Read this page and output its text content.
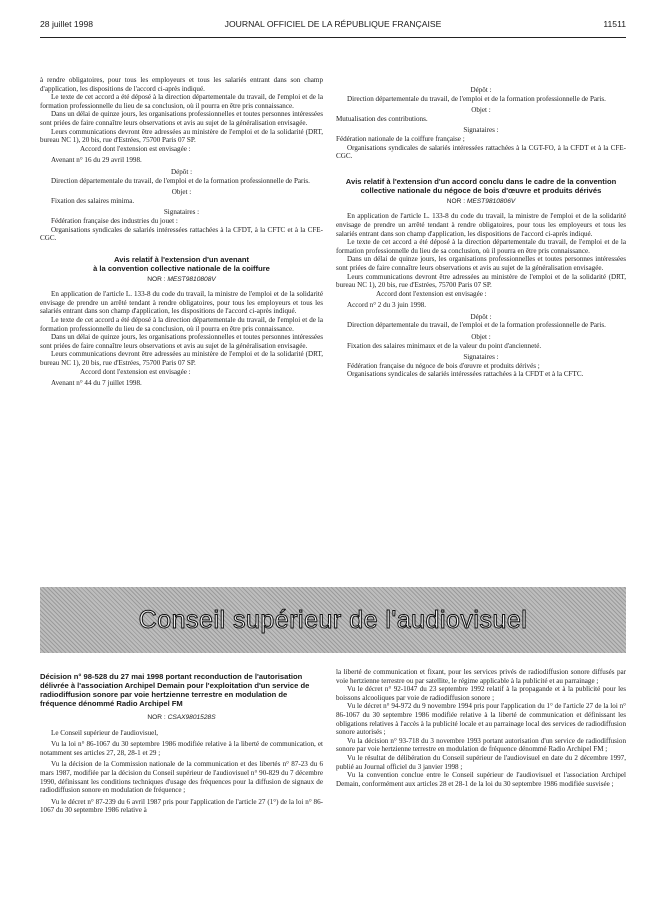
28 juillet 1998	JOURNAL OFFICIEL DE LA RÉPUBLIQUE FRANÇAISE	11511

à rendre obligatoires, pour tous les employeurs et tous les salariés entrant dans son champ d'application, les dispositions de l'accord ci-après indiqué.

Le texte de cet accord a été déposé à la direction départementale du travail, de l'emploi et de la formation professionnelle du lieu de sa conclusion, où il pourra en être pris connaissance.

Dans un délai de quinze jours, les organisations professionnelles et toutes personnes intéressées sont priées de faire connaître leurs observations et avis au sujet de la généralisation envisagée.

Leurs communications devront être adressées au ministère de l'emploi et de la solidarité (DRT, bureau NC 1), 20 bis, rue d'Estrées, 75700 Paris 07 SP.

Accord dont l'extension est envisagée :

Avenant n° 16 du 29 avril 1998.

Dépôt :

Direction départementale du travail, de l'emploi et de la formation professionnelle de Paris.

Objet :

Fixation des salaires minima.

Signataires :

Fédération française des industries du jouet :

Organisations syndicales de salariés intéressées rattachées à la CFDT, à la CFTC et à la CFE-CGC.

Avis relatif à l'extension d'un avenant
à la convention collective nationale de la coiffure

NOR : MEST9810808V

En application de l'article L. 133-8 du code du travail, la ministre de l'emploi et de la solidarité envisage de prendre un arrêté tendant à rendre obligatoires, pour tous les employeurs et tous les salariés entrant dans son champ d'application, les dispositions de l'accord ci-après indiqué.

Le texte de cet accord a été déposé à la direction départementale du travail, de l'emploi et de la formation professionnelle du lieu de sa conclusion, où il pourra en être pris connaissance.

Dans un délai de quinze jours, les organisations professionnelles et toutes personnes intéressées sont priées de faire connaître leurs observations et avis au sujet de la généralisation envisagée.

Leurs communications devront être adressées au ministère de l'emploi et de la solidarité (DRT, bureau NC 1), 20 bis, rue d'Estrées, 75700 Paris 07 SP.

Accord dont l'extension est envisagée :

Avenant n° 44 du 7 juillet 1998.

Dépôt :

Direction départementale du travail, de l'emploi et de la formation professionnelle de Paris.

Objet :

Mutualisation des contributions.

Signataires :

Fédération nationale de la coiffure française ;

Organisations syndicales de salariés intéressées rattachées à la CGT-FO, à la CFDT et à la CFE-CGC.

Avis relatif à l'extension d'un accord conclu dans le cadre de la convention collective nationale du négoce de bois d'œuvre et produits dérivés

NOR : MEST9810806V

En application de l'article L. 133-8 du code du travail, la ministre de l'emploi et de la solidarité envisage de prendre un arrêté tendant à rendre obligatoires, pour tous les employeurs et tous les salariés entrant dans son champ d'application, les dispositions de l'accord ci-après indiqué.

Le texte de cet accord a été déposé à la direction départementale du travail, de l'emploi et de la formation professionnelle du lieu de sa conclusion, où il pourra en être pris connaissance.

Dans un délai de quinze jours, les organisations professionnelles et toutes personnes intéressées sont priées de faire connaître leurs observations et avis au sujet de la généralisation envisagée.

Leurs communications devront être adressées au ministère de l'emploi et de la solidarité (DRT, bureau NC 1), 20 bis, rue d'Estrées, 75700 Paris 07 SP.

Accord dont l'extension est envisagée :

Accord n° 2 du 3 juin 1998.

Dépôt :

Direction départementale du travail, de l'emploi et de la formation professionnelle de Paris.

Objet :

Fixation des salaires minimaux et de la valeur du point d'ancienneté.

Signataires :

Fédération française du négoce de bois d'œuvre et produits dérivés ;

Organisations syndicales de salariés intéressées rattachées à la CFDT et à la CFTC.

Conseil supérieur de l'audiovisuel

Décision n° 98-528 du 27 mai 1998 portant reconduction de l'autorisation délivrée à l'association Archipel Demain pour l'exploitation d'un service de radiodiffusion sonore par voie hertzienne terrestre en modulation de fréquence dénommé Radio Archipel FM

NOR : CSAX9801528S

Le Conseil supérieur de l'audiovisuel,

Vu la loi n° 86-1067 du 30 septembre 1986 modifiée relative à la liberté de communication, et notamment ses articles 27, 28, 28-1 et 29 ;

Vu la décision de la Commission nationale de la communication et des libertés n° 87-23 du 6 mars 1987, modifiée par la décision du Conseil supérieur de l'audiovisuel n° 90-829 du 7 décembre 1990, définissant les conditions techniques d'usage des fréquences pour la diffusion de signaux de radiodiffusion sonore en modulation de fréquence ;

Vu le décret n° 87-239 du 6 avril 1987 pris pour l'application de l'article 27 (1°) de la loi n° 86-1067 du 30 septembre 1986 relative à

la liberté de communication et fixant, pour les services privés de radiodiffusion sonore diffusés par voie hertzienne terrestre ou par satellite, le régime applicable à la publicité et au parrainage ;

Vu le décret n° 92-1047 du 23 septembre 1992 relatif à la propagande et à la publicité pour les boissons alcooliques par voie de radiodiffusion sonore ;

Vu le décret n° 94-972 du 9 novembre 1994 pris pour l'application du 1° de l'article 27 de la loi n° 86-1067 du 30 septembre 1986 modifiée relative à la liberté de communication et définissant les obligations relatives à l'accès à la publicité locale et au parrainage local des services de radiodiffusion sonore autorisés ;

Vu la décision n° 93-718 du 3 novembre 1993 portant autorisation d'un service de radiodiffusion sonore par voie hertzienne terrestre en modulation de fréquence dénommé Radio Archipel FM ;

Vu le résultat de délibération du Conseil supérieur de l'audiovisuel en date du 2 décembre 1997, publié au Journal officiel du 3 janvier 1998 ;

Vu la convention conclue entre le Conseil supérieur de l'audiovisuel et l'association Archipel Demain, conformément aux articles 28 et 28-1 de la loi du 30 septembre 1986 modifiée susvisée ;
